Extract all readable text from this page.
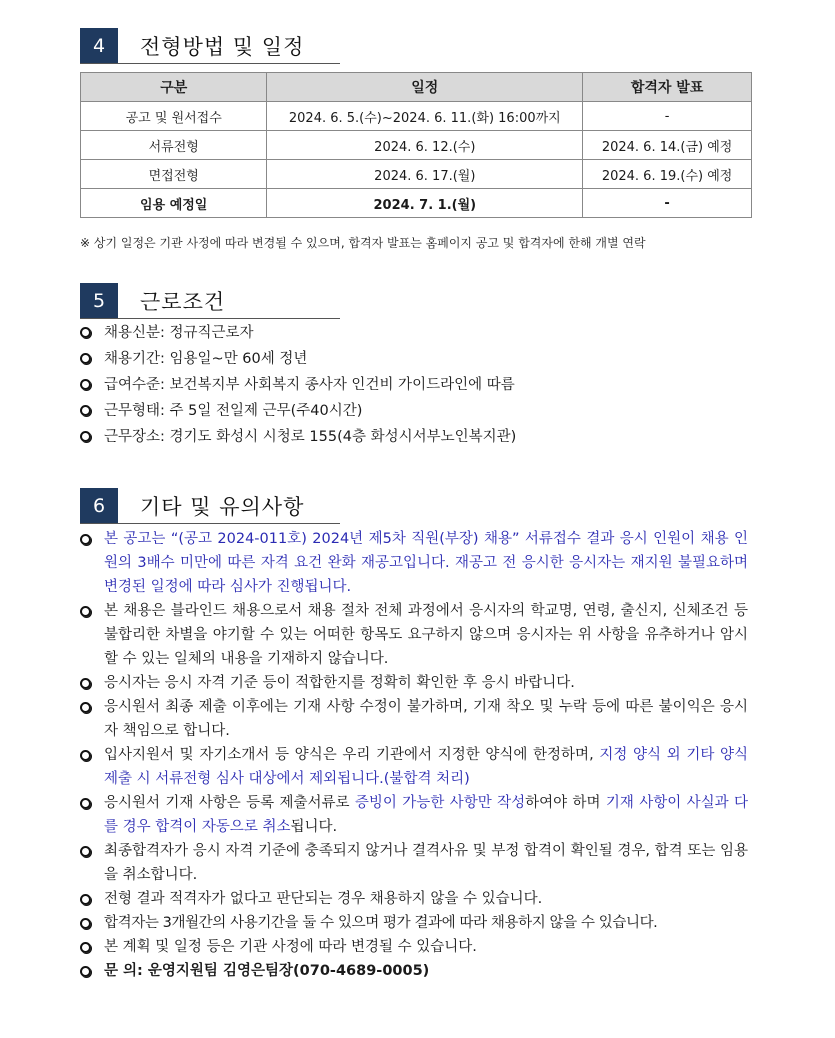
4	전형방법 및 일정
구분	일정	합격자 발표
공고 및 원서접수	2024. 6. 5.(수)~2024. 6. 11.(화) 16:00까지	-
서류전형	2024. 6. 12.(수)	2024. 6. 14.(금) 예정
면접전형	2024. 6. 17.(월)	2024. 6. 19.(수) 예정
임용 예정일	2024. 7. 1.(월)	-
※ 상기 일정은 기관 사정에 따라 변경될 수 있으며, 합격자 발표는 홈페이지 공고 및 합격자에 한해 개별 연락
5	근로조건
채용신분: 정규직근로자
채용기간: 임용일~만 60세 정년
급여수준: 보건복지부 사회복지 종사자 인건비 가이드라인에 따름
근무형태: 주 5일 전일제 근무(주40시간)
근무장소: 경기도 화성시 시청로 155(4층 화성시서부노인복지관)
6	기타 및 유의사항
본 공고는 “(공고 2024-011호) 2024년 제5차 직원(부장) 채용” 서류접수 결과 응시 인원이 채용 인원의 3배수 미만에 따른 자격 요건 완화 재공고입니다. 재공고 전 응시한 응시자는 재지원 불필요하며 변경된 일정에 따라 심사가 진행됩니다.
본 채용은 블라인드 채용으로서 채용 절차 전체 과정에서 응시자의 학교명, 연령, 출신지, 신체조건 등 불합리한 차별을 야기할 수 있는 어떠한 항목도 요구하지 않으며 응시자는 위 사항을 유추하거나 암시할 수 있는 일체의 내용을 기재하지 않습니다.
응시자는 응시 자격 기준 등이 적합한지를 정확히 확인한 후 응시 바랍니다.
응시원서 최종 제출 이후에는 기재 사항 수정이 불가하며, 기재 착오 및 누락 등에 따른 불이익은 응시자 책임으로 합니다.
입사지원서 및 자기소개서 등 양식은 우리 기관에서 지정한 양식에 한정하며, 지정 양식 외 기타 양식 제출 시 서류전형 심사 대상에서 제외됩니다.(불합격 처리)
응시원서 기재 사항은 등록 제출서류로 증빙이 가능한 사항만 작성하여야 하며 기재 사항이 사실과 다를 경우 합격이 자동으로 취소됩니다.
최종합격자가 응시 자격 기준에 충족되지 않거나 결격사유 및 부정 합격이 확인될 경우, 합격 또는 임용을 취소합니다.
전형 결과 적격자가 없다고 판단되는 경우 채용하지 않을 수 있습니다.
합격자는 3개월간의 사용기간을 둘 수 있으며 평가 결과에 따라 채용하지 않을 수 있습니다.
본 계획 및 일정 등은 기관 사정에 따라 변경될 수 있습니다.
문 의: 운영지원팀 김영은팀장(070-4689-0005)
